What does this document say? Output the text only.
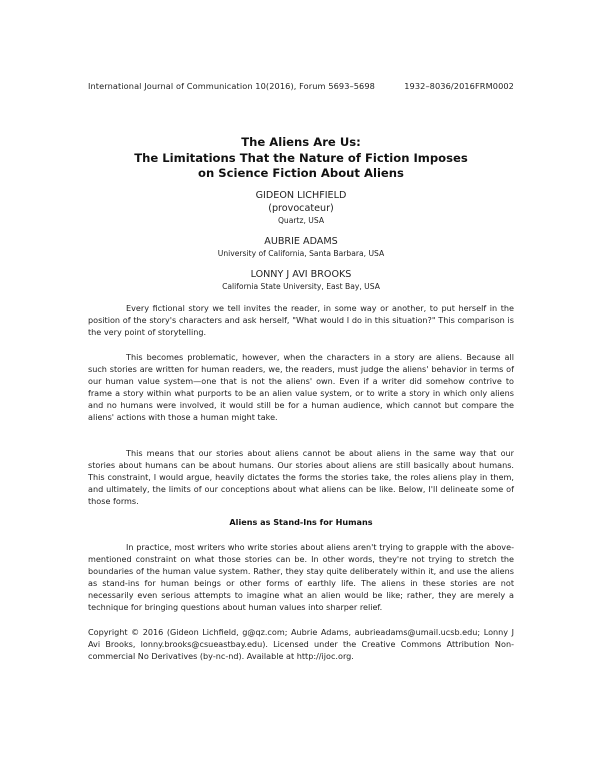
International Journal of Communication 10(2016), Forum 5693–5698	1932–8036/2016FRM0002
The Aliens Are Us:
The Limitations That the Nature of Fiction Imposes
on Science Fiction About Aliens
GIDEON LICHFIELD
(provocateur)
Quartz, USA
AUBRIE ADAMS
University of California, Santa Barbara, USA
LONNY J AVI BROOKS
California State University, East Bay, USA

Every fictional story we tell invites the reader, in some way or another, to put herself in the position of the story's characters and ask herself, "What would I do in this situation?" This comparison is the very point of storytelling.

This becomes problematic, however, when the characters in a story are aliens. Because all such stories are written for human readers, we, the readers, must judge the aliens' behavior in terms of our human value system—one that is not the aliens' own. Even if a writer did somehow contrive to frame a story within what purports to be an alien value system, or to write a story in which only aliens and no humans were involved, it would still be for a human audience, which cannot but compare the aliens' actions with those a human might take.

This means that our stories about aliens cannot be about aliens in the same way that our stories about humans can be about humans. Our stories about aliens are still basically about humans. This constraint, I would argue, heavily dictates the forms the stories take, the roles aliens play in them, and ultimately, the limits of our conceptions about what aliens can be like. Below, I'll delineate some of those forms.

Aliens as Stand-Ins for Humans

In practice, most writers who write stories about aliens aren't trying to grapple with the above-mentioned constraint on what those stories can be. In other words, they're not trying to stretch the boundaries of the human value system. Rather, they stay quite deliberately within it, and use the aliens as stand-ins for human beings or other forms of earthly life. The aliens in these stories are not necessarily even serious attempts to imagine what an alien would be like; rather, they are merely a technique for bringing questions about human values into sharper relief.

Copyright © 2016 (Gideon Lichfield, g@qz.com; Aubrie Adams, aubrieadams@umail.ucsb.edu; Lonny J Avi Brooks, lonny.brooks@csueastbay.edu). Licensed under the Creative Commons Attribution Non-commercial No Derivatives (by-nc-nd). Available at http://ijoc.org.
